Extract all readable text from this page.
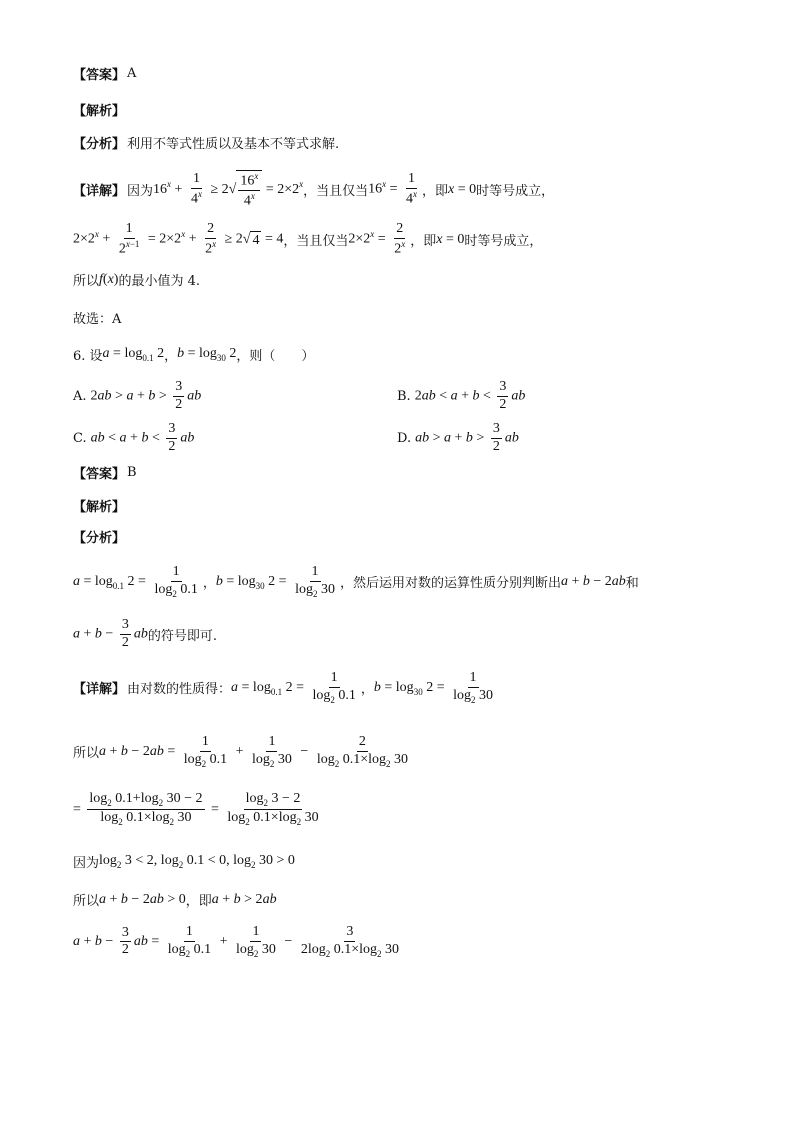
【答案】 A
【解析】
【分析】 利用不等式性质以及基本不等式求解.
【详解】 因为 $16^x + \frac{1}{4^x} \ge 2$ √ $\frac{16^x}{4^x} = 2\times 2^x$
，当且仅当 $16^x = \frac{1}{4^x}$ ，即 x = 0 时等号成立，
$2\times 2^x + \frac{1}{2^{x-1}} = 2\times 2^x + \frac{2}{2^x} \ge 2$ √ 4 = 4 ，当且仅当 $2\times 2^x = \frac{2}{2^x}$ ，即 x = 0 时等号成立，
所以 f(x) 的最小值为 4.
故选：A
6. 设 $a = \log_{0.1} 2$ ， $b = \log_{30} 2$ ，则（　　）
A. $2ab > a + b > \frac{3}{2}$ ab	B. $2ab < a + b < \frac{3}{2}$ ab
C. ab < $a + b < \frac{3}{2}$ ab	D. ab > $a + b > \frac{3}{2}$ ab
【答案】 B
【解析】
【分析】
$a = \log_{0.1} 2 = \frac{1}{\log_2 0.1}$ ， $b = \log_{30} 2 = \frac{1}{\log_2 30}$ ，然后运用对数的运算性质分别判断出 a + b − 2ab 和
$a + b - \frac{3}{2}$ ab 的符号即可.
【详解】 由对数的性质得： $a = \log_{0.1} 2 = \frac{1}{\log_2 0.1}$ ， $b = \log_{30} 2 = \frac{1}{\log_2 30}$
所以 $a + b - 2ab = \frac{1}{\log_2 0.1} + \frac{1}{\log_2 30} - \frac{2}{\log_2 0.1\times\log_2 30}$
= $\frac{\log_2 0.1+\log_2 30 - 2}{\log_2 0.1\times\log_2 30} = \frac{\log_2 3 - 2}{\log_2 0.1\times\log_2 30}$
因为 $\log_2 3 < 2$, $\log_2 0.1 < 0$, $\log_2 30 > 0$
所以 a + b − 2ab > 0 ，即 a + b > 2ab
$a + b - \frac{3}{2}$ ab = $\frac{1}{\log_2 0.1} + \frac{1}{\log_2 30} - \frac{3}{2\log_2 0.1\times\log_2 30}$
